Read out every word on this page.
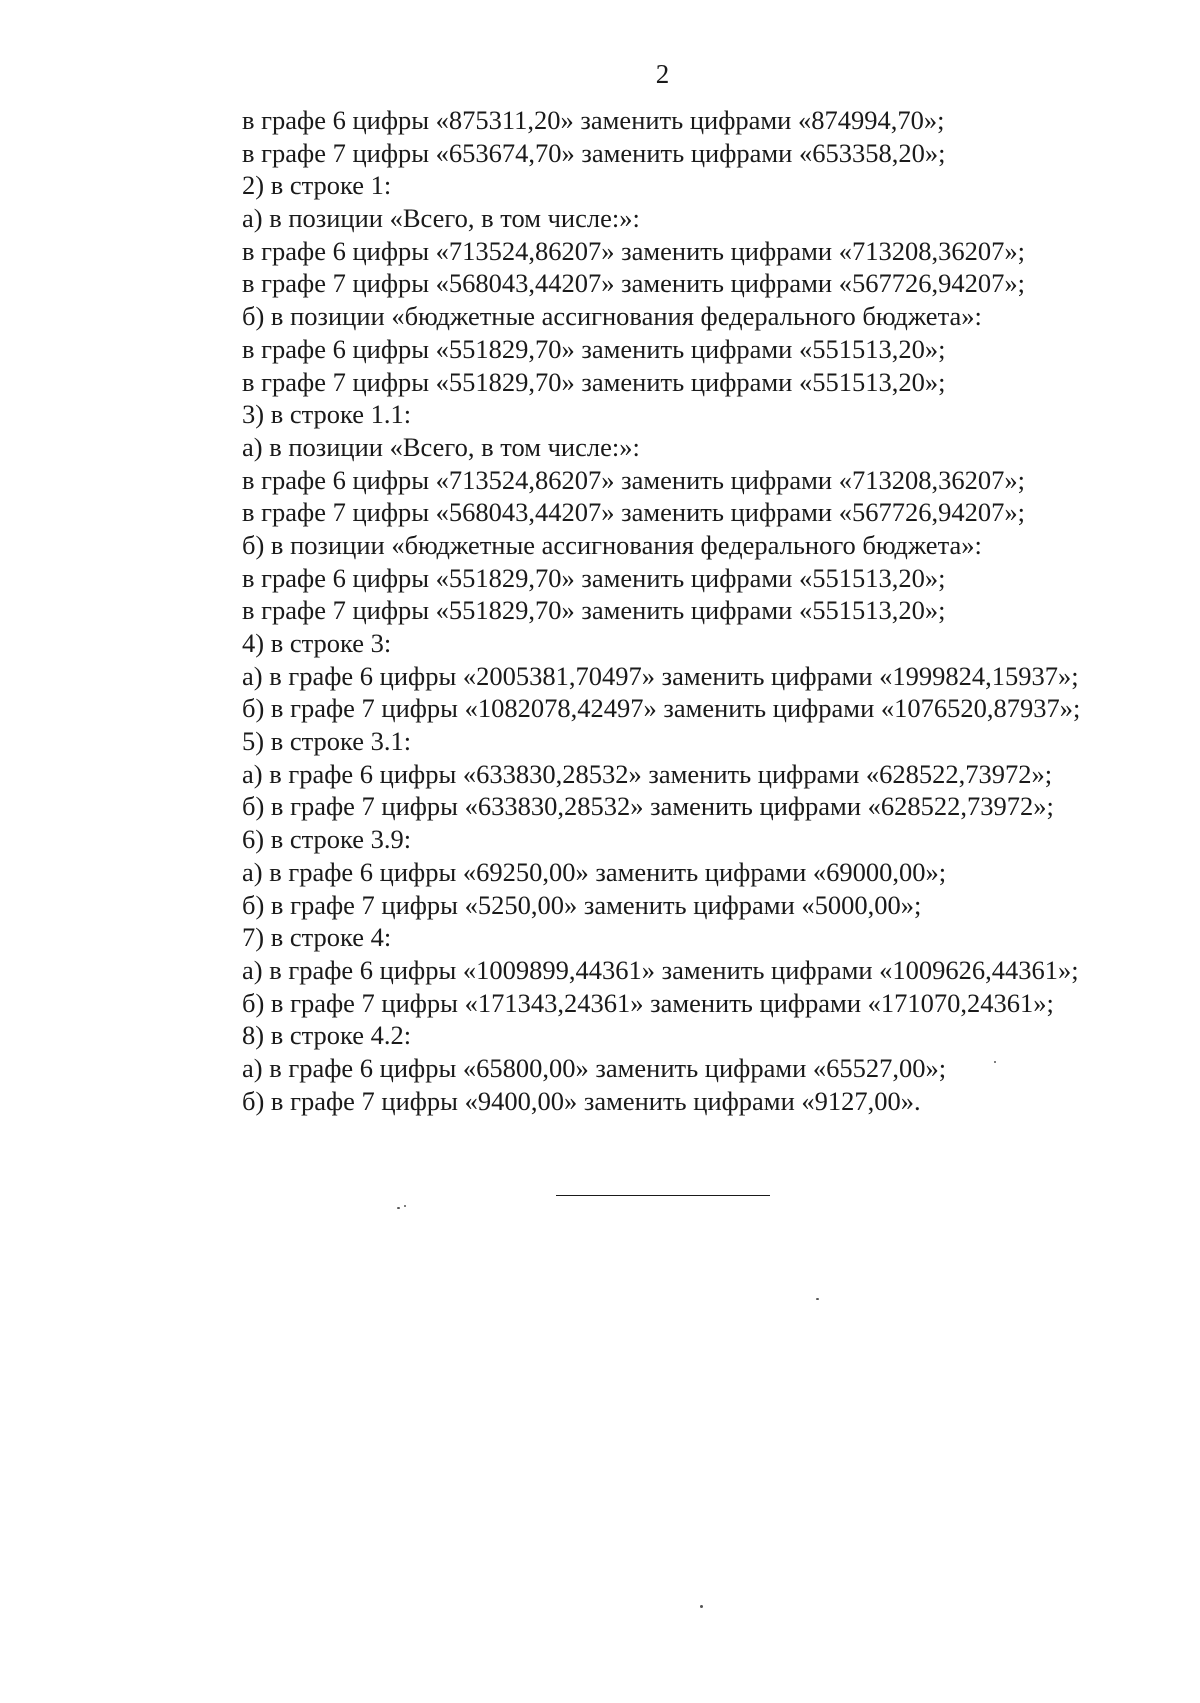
2
в графе 6 цифры «875311,20» заменить цифрами «874994,70»;
в графе 7 цифры «653674,70» заменить цифрами «653358,20»;
2) в строке 1:
а) в позиции «Всего, в том числе:»:
в графе 6 цифры «713524,86207» заменить цифрами «713208,36207»;
в графе 7 цифры «568043,44207» заменить цифрами «567726,94207»;
б) в позиции «бюджетные ассигнования федерального бюджета»:
в графе 6 цифры «551829,70» заменить цифрами «551513,20»;
в графе 7 цифры «551829,70» заменить цифрами «551513,20»;
3) в строке 1.1:
а) в позиции «Всего, в том числе:»:
в графе 6 цифры «713524,86207» заменить цифрами «713208,36207»;
в графе 7 цифры «568043,44207» заменить цифрами «567726,94207»;
б) в позиции «бюджетные ассигнования федерального бюджета»:
в графе 6 цифры «551829,70» заменить цифрами «551513,20»;
в графе 7 цифры «551829,70» заменить цифрами «551513,20»;
4) в строке 3:
а) в графе 6 цифры «2005381,70497» заменить цифрами «1999824,15937»;
б) в графе 7 цифры «1082078,42497» заменить цифрами «1076520,87937»;
5) в строке 3.1:
а) в графе 6 цифры «633830,28532» заменить цифрами «628522,73972»;
б) в графе 7 цифры «633830,28532» заменить цифрами «628522,73972»;
6) в строке 3.9:
а) в графе 6 цифры «69250,00» заменить цифрами «69000,00»;
б) в графе 7 цифры «5250,00» заменить цифрами «5000,00»;
7) в строке 4:
а) в графе 6 цифры «1009899,44361» заменить цифрами «1009626,44361»;
б) в графе 7 цифры «171343,24361» заменить цифрами «171070,24361»;
8) в строке 4.2:
а) в графе 6 цифры «65800,00» заменить цифрами «65527,00»;
б) в графе 7 цифры «9400,00» заменить цифрами «9127,00».
